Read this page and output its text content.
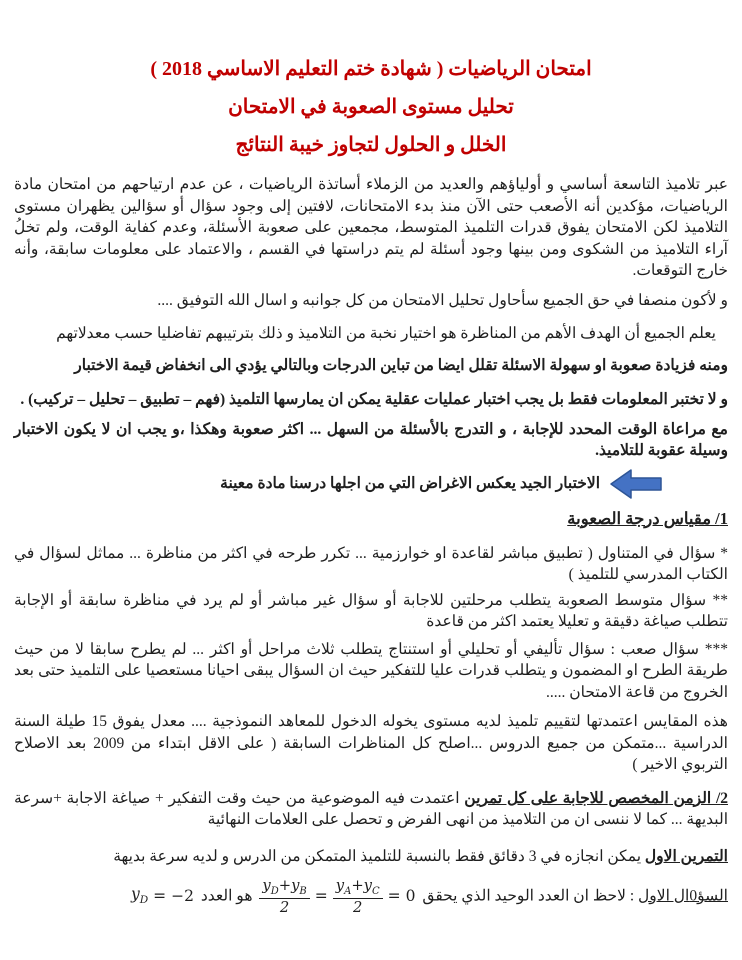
امتحان الرياضيات ( شهادة ختم التعليم الاساسي 2018 )
تحليل مستوى الصعوبة في الامتحان
الخلل و الحلول لتجاوز خيبة النتائج

عبر تلاميذ التاسعة أساسي و أولياؤهم والعديد من الزملاء أساتذة الرياضيات ، عن عدم ارتياحهم من امتحان مادة الرياضيات، مؤكدين أنه الأصعب حتى الآن منذ بدء الامتحانات، لافتين إلى وجود سؤال أو سؤالين يظهران مستوى التلاميذ لكن الامتحان يفوق قدرات التلميذ المتوسط، مجمعين على صعوبة الأسئلة، وعدم كفاية الوقت، ولم تخلُ آراء التلاميذ من الشكوى ومن بينها وجود أسئلة لم يتم دراستها في القسم ، والاعتماد على معلومات سابقة، وأنه خارج التوقعات.

و لأكون منصفا في حق الجميع سأحاول تحليل الامتحان من كل جوانبه و اسال الله التوفيق ....

يعلم الجميع أن الهدف الأهم من المناظرة هو اختيار نخبة من التلاميذ و ذلك بترتيبهم تفاضليا حسب معدلاتهم

ومنه فزيادة صعوبة او سهولة الاسئلة تقلل ايضا من تباين الدرجات وبالتالي يؤدي الى انخفاض قيمة الاختبار

و لا تختبر المعلومات فقط بل يجب اختبار عمليات عقلية يمكن ان يمارسها التلميذ (فهم – تطبيق – تحليل – تركيب) .

مع مراعاة الوقت المحدد للإجابة ، و التدرج بالأسئلة من السهل ... اكثر صعوبة وهكذا ،و يجب ان لا يكون الاختبار وسيلة عقوبة للتلاميذ.

الاختبار الجيد يعكس الاغراض التي من اجلها درسنا مادة معينة
1/ مقياس درجة الصعوبة

* سؤال في المتناول ( تطبيق مباشر لقاعدة او خوارزمية ... تكرر طرحه في اكثر من مناظرة ... مماثل لسؤال في الكتاب المدرسي للتلميذ )

** سؤال متوسط الصعوبة يتطلب مرحلتين للاجابة أو سؤال غير مباشر أو لم يرد في مناظرة سابقة أو الإجابة تتطلب صياغة دقيقة و تعليلا يعتمد اكثر من قاعدة

*** سؤال صعب : سؤال تأليفي أو تحليلي أو استنتاج يتطلب ثلاث مراحل أو اكثر ... لم يطرح سابقا لا من حيث طريقة الطرح او المضمون و يتطلب قدرات عليا للتفكير حيث ان السؤال يبقى احيانا مستعصيا على التلميذ حتى بعد الخروج من قاعة الامتحان .....

هذه المقايس اعتمدتها لتقييم تلميذ لديه مستوى يخوله الدخول للمعاهد النموذجية .... معدل يفوق 15 طيلة السنة الدراسية ...متمكن من جميع الدروس ...اصلح كل المناظرات السابقة ( على الاقل ابتداء من 2009 بعد الاصلاح التربوي الاخير )

2/ الزمن المخصص للاجابة على كل تمرين اعتمدت فيه الموضوعية من حيث وقت التفكير + صياغة الاجابة +سرعة البديهة ... كما لا ننسى ان من التلاميذ من انهى الفرض و تحصل على العلامات النهائية

التمرين الاول يمكن انجازه في 3 دقائق فقط بالنسبة للتلميذ المتمكن من الدرس و لديه سرعة بديهة

السؤ0ال الاول : لاحظ ان العدد الوحيد الذي يحقق
$\frac{y_D+y_B}{2} = \frac{y_A+y_C}{2} = 0$
هو العدد
$y_D = -2$
